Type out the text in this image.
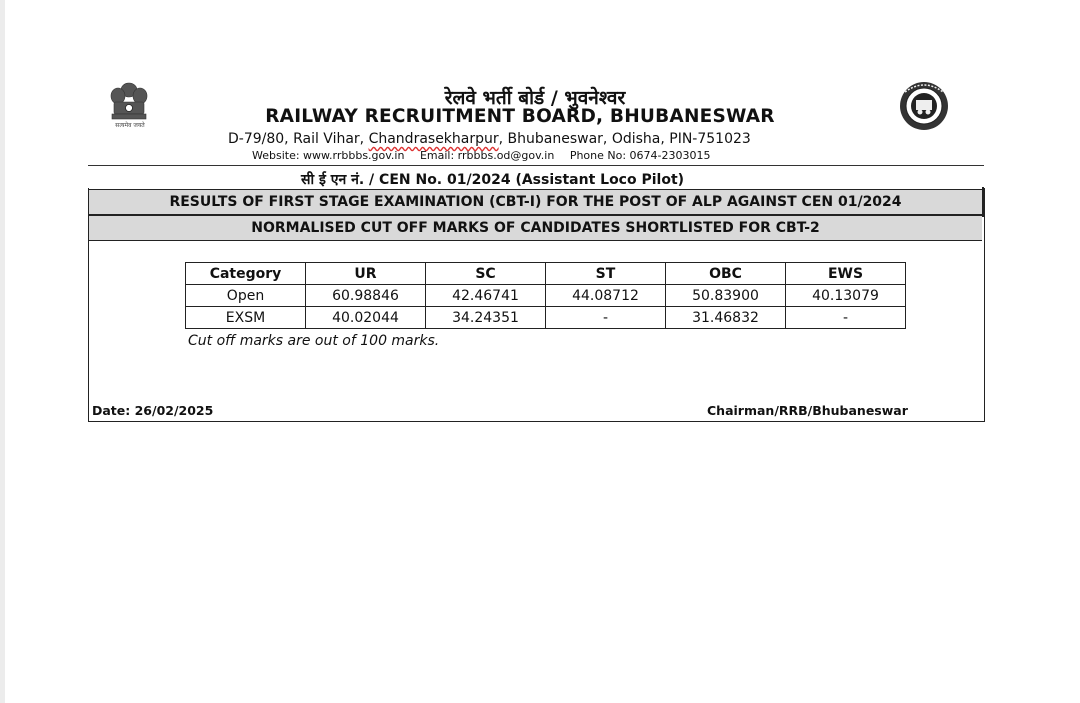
सत्यमेव जयते
रेलवे भर्ती बोर्ड / भुवनेश्वर
RAILWAY RECRUITMENT BOARD, BHUBANESWAR
D-79/80, Rail Vihar, Chandrasekharpur, Bhubaneswar, Odisha, PIN-751023
Website: www.rrbbbs.gov.in Email: rrbbbs.od@gov.in Phone No: 0674-2303015
सी ई एन नं. / CEN No. 01/2024 (Assistant Loco Pilot)
RESULTS OF FIRST STAGE EXAMINATION (CBT-I) FOR THE POST OF ALP AGAINST CEN 01/2024
NORMALISED CUT OFF MARKS OF CANDIDATES SHORTLISTED FOR CBT-2
Category	UR	SC	ST	OBC	EWS
Open	60.98846	42.46741	44.08712	50.83900	40.13079
EXSM	40.02044	34.24351	-	31.46832	-
Cut off marks are out of 100 marks.
Date: 26/02/2025	Chairman/RRB/Bhubaneswar
